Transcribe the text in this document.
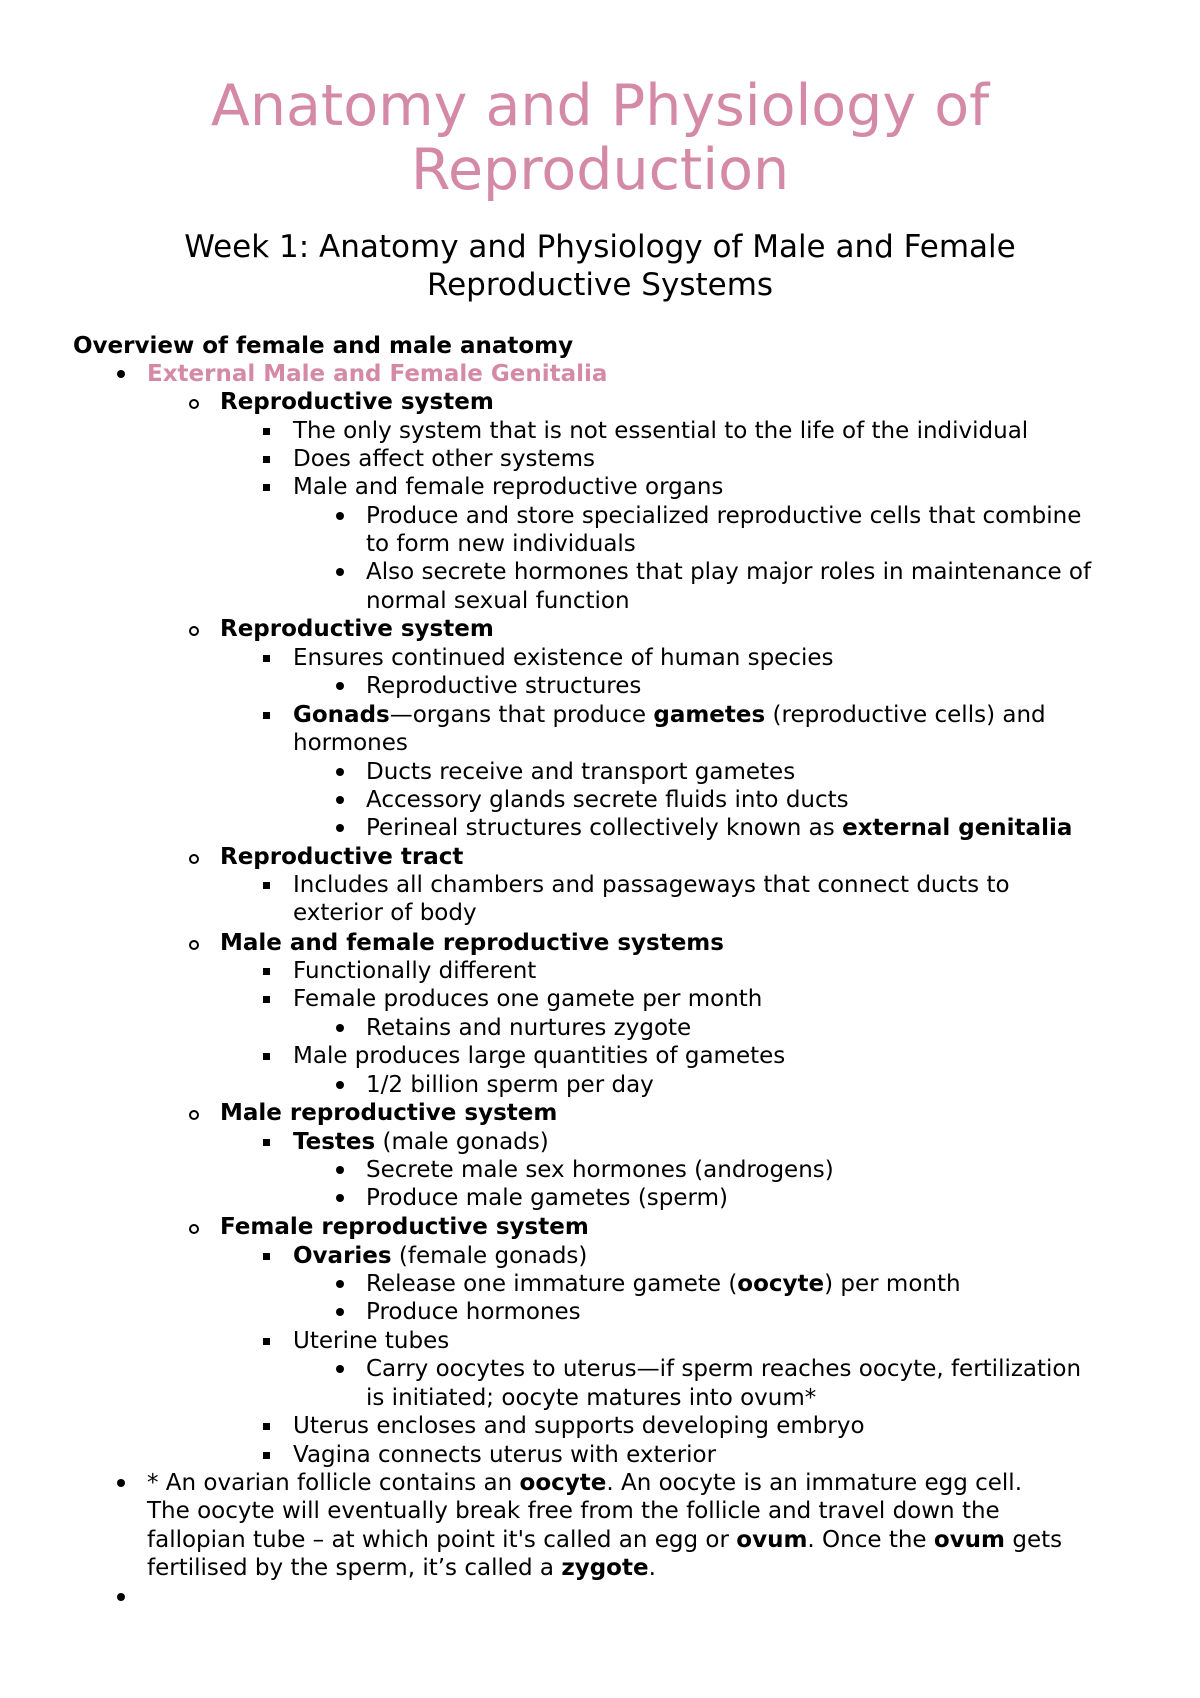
Anatomy and Physiology of
Reproduction
Week 1: Anatomy and Physiology of Male and Female
Reproductive Systems
Overview of female and male anatomy
External Male and Female Genitalia
Reproductive system
The only system that is not essential to the life of the individual
Does affect other systems
Male and female reproductive organs
Produce and store specialized reproductive cells that combine
to form new individuals
Also secrete hormones that play major roles in maintenance of
normal sexual function
Reproductive system
Ensures continued existence of human species
Reproductive structures
Gonads—organs that produce gametes (reproductive cells) and
hormones
Ducts receive and transport gametes
Accessory glands secrete fluids into ducts
Perineal structures collectively known as external genitalia
Reproductive tract
Includes all chambers and passageways that connect ducts to
exterior of body
Male and female reproductive systems
Functionally different
Female produces one gamete per month
Retains and nurtures zygote
Male produces large quantities of gametes
1/2 billion sperm per day
Male reproductive system
Testes (male gonads)
Secrete male sex hormones (androgens)
Produce male gametes (sperm)
Female reproductive system
Ovaries (female gonads)
Release one immature gamete (oocyte) per month
Produce hormones
Uterine tubes
Carry oocytes to uterus—if sperm reaches oocyte, fertilization
is initiated; oocyte matures into ovum*
Uterus encloses and supports developing embryo
Vagina connects uterus with exterior
* An ovarian follicle contains an oocyte. An oocyte is an immature egg cell.
The oocyte will eventually break free from the follicle and travel down the
fallopian tube – at which point it's called an egg or ovum. Once the ovum gets
fertilised by the sperm, it’s called a zygote.
